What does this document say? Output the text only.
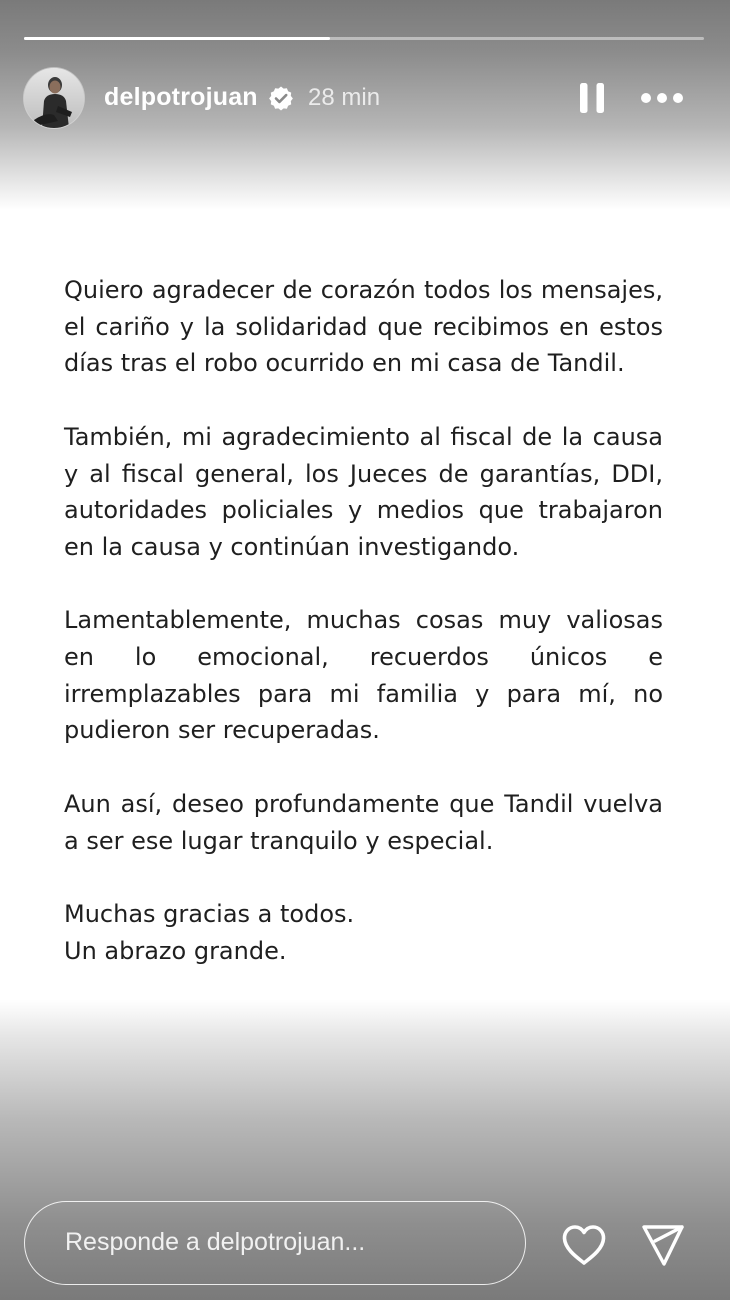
delpotrojuan 28 min

Quiero agradecer de corazón todos los mensajes, el cariño y la solidaridad que recibimos en estos días tras el robo ocurrido en mi casa de Tandil.

También, mi agradecimiento al fiscal de la causa y al fiscal general, los Jueces de garantías, DDI, autoridades policiales y medios que trabajaron en la causa y continúan investigando.

Lamentablemente, muchas cosas muy valiosas en lo emocional, recuerdos únicos e irremplazables para mi familia y para mí, no pudieron ser recuperadas.

Aun así, deseo profundamente que Tandil vuelva a ser ese lugar tranquilo y especial.

Muchas gracias a todos.
Un abrazo grande.

Responde a delpotrojuan...
